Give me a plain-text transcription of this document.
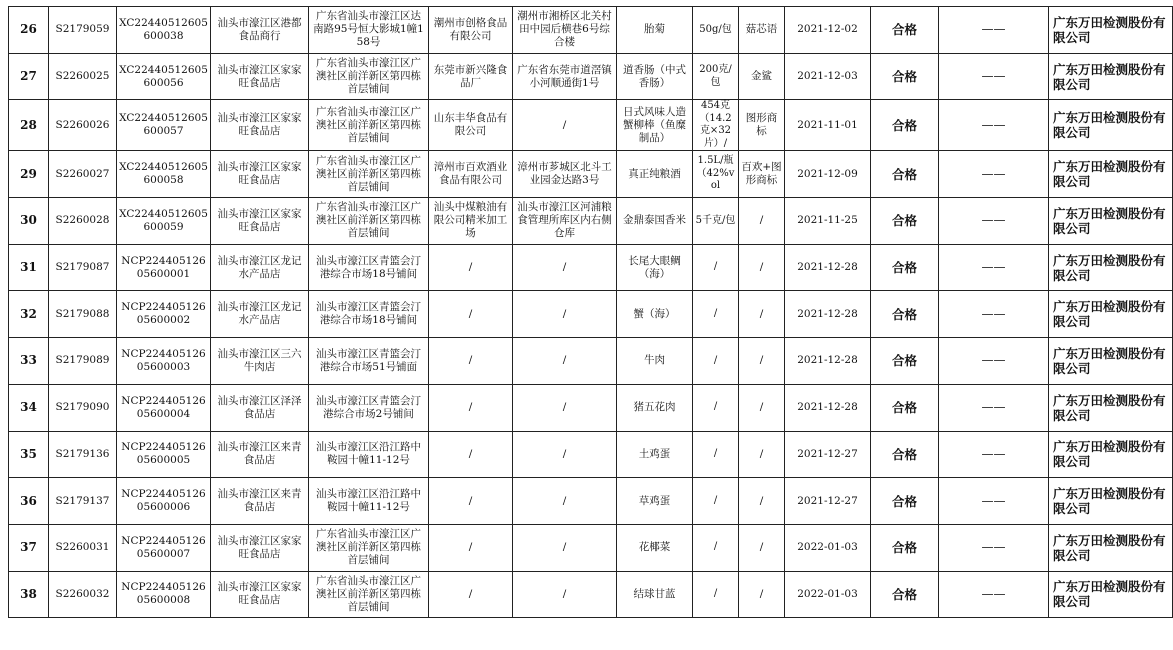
26	S2179059	XC22440512605600038	汕头市濠江区港都食品商行	广东省汕头市濠江区达南路95号恒大影城1幢158号	潮州市创格食品有限公司	潮州市湘桥区北关村田中园后横巷6号综合楼	胎菊	50g/包	菇芯语	2021-12-02	合格	——	广东万田检测股份有限公司
27	S2260025	XC22440512605600056	汕头市濠江区家家旺食品店	广东省汕头市濠江区广澳社区前洋新区第四栋首层铺间	东莞市新兴隆食品厂	广东省东莞市道滘镇小河顺通街1号	道香肠（中式香肠）	200克/包	金鲨	2021-12-03	合格	——	广东万田检测股份有限公司
28	S2260026	XC22440512605600057	汕头市濠江区家家旺食品店	广东省汕头市濠江区广澳社区前洋新区第四栋首层铺间	山东丰华食品有限公司	/	日式风味人造蟹柳棒（鱼糜制品）	454克（14.2克×32片）/	图形商标	2021-11-01	合格	——	广东万田检测股份有限公司
29	S2260027	XC22440512605600058	汕头市濠江区家家旺食品店	广东省汕头市濠江区广澳社区前洋新区第四栋首层铺间	漳州市百欢酒业食品有限公司	漳州市芗城区北斗工业园金达路3号	真正纯粮酒	1.5L/瓶（42%vol	百欢+图形商标	2021-12-09	合格	——	广东万田检测股份有限公司
30	S2260028	XC22440512605600059	汕头市濠江区家家旺食品店	广东省汕头市濠江区广澳社区前洋新区第四栋首层铺间	汕头中煤粮油有限公司精米加工场	汕头市濠江区河浦粮食管理所库区内右侧仓库	金鼎泰国香米	5千克/包	/	2021-11-25	合格	——	广东万田检测股份有限公司
31	S2179087	NCP22440512605600001	汕头市濠江区龙记水产品店	汕头市濠江区青篮会汀港综合市场18号铺间	/	/	长尾大眼鲷（海）	/	/	2021-12-28	合格	——	广东万田检测股份有限公司
32	S2179088	NCP22440512605600002	汕头市濠江区龙记水产品店	汕头市濠江区青篮会汀港综合市场18号铺间	/	/	蟹（海）	/	/	2021-12-28	合格	——	广东万田检测股份有限公司
33	S2179089	NCP22440512605600003	汕头市濠江区三六牛肉店	汕头市濠江区青篮会汀港综合市场51号铺面	/	/	牛肉	/	/	2021-12-28	合格	——	广东万田检测股份有限公司
34	S2179090	NCP22440512605600004	汕头市濠江区泽泽食品店	汕头市濠江区青篮会汀港综合市场2号铺间	/	/	猪五花肉	/	/	2021-12-28	合格	——	广东万田检测股份有限公司
35	S2179136	NCP22440512605600005	汕头市濠江区来青食品店	汕头市濠江区沿江路中鞍园十幢11-12号	/	/	土鸡蛋	/	/	2021-12-27	合格	——	广东万田检测股份有限公司
36	S2179137	NCP22440512605600006	汕头市濠江区来青食品店	汕头市濠江区沿江路中鞍园十幢11-12号	/	/	草鸡蛋	/	/	2021-12-27	合格	——	广东万田检测股份有限公司
37	S2260031	NCP22440512605600007	汕头市濠江区家家旺食品店	广东省汕头市濠江区广澳社区前洋新区第四栋首层铺间	/	/	花椰菜	/	/	2022-01-03	合格	——	广东万田检测股份有限公司
38	S2260032	NCP22440512605600008	汕头市濠江区家家旺食品店	广东省汕头市濠江区广澳社区前洋新区第四栋首层铺间	/	/	结球甘蓝	/	/	2022-01-03	合格	——	广东万田检测股份有限公司
